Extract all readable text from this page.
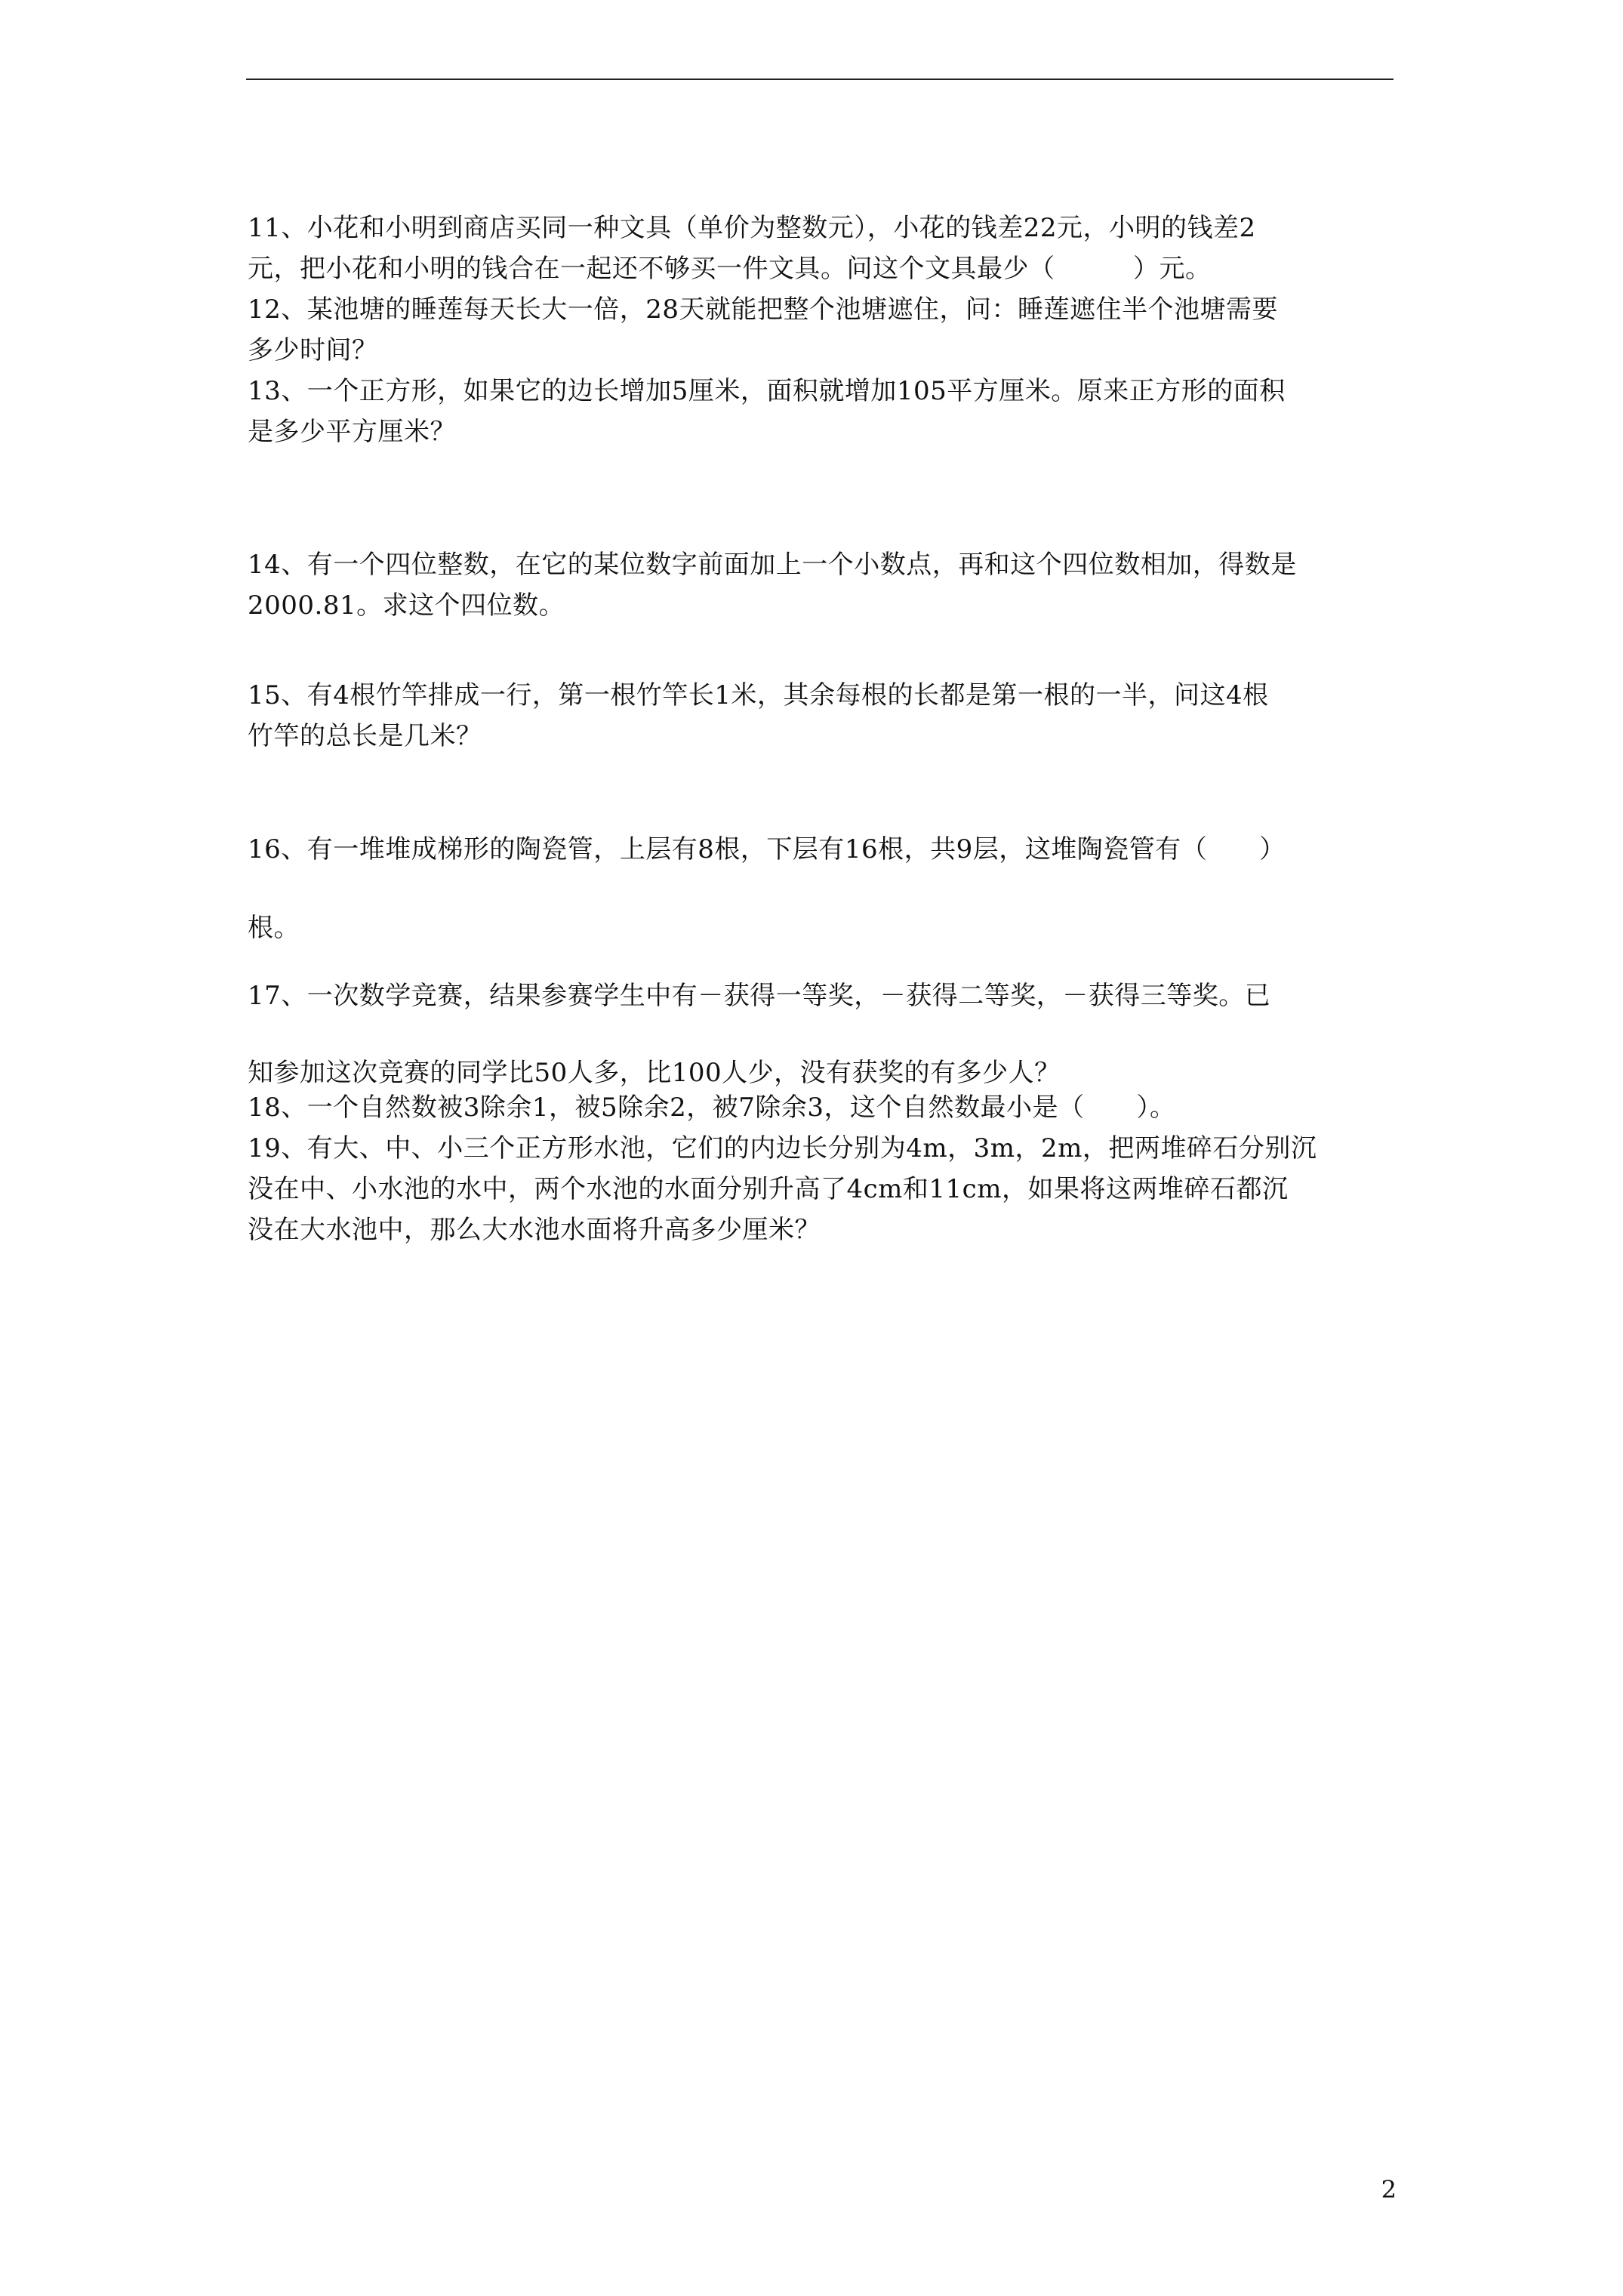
11、小花和小明到商店买同一种文具（单价为整数元），小花的钱差22元，小明的钱差2
元，把小花和小明的钱合在一起还不够买一件文具。问这个文具最少（　　　）元。

12、某池塘的睡莲每天长大一倍，28天就能把整个池塘遮住，问：睡莲遮住半个池塘需要
多少时间？

13、一个正方形，如果它的边长增加5厘米，面积就增加105平方厘米。原来正方形的面积
是多少平方厘米？

14、有一个四位整数，在它的某位数字前面加上一个小数点，再和这个四位数相加，得数是
2000.81。求这个四位数。

15、有4根竹竿排成一行，第一根竹竿长1米，其余每根的长都是第一根的一半，问这4根
竹竿的总长是几米？

16、有一堆堆成梯形的陶瓷管，上层有8根，下层有16根，共9层，这堆陶瓷管有（　　）
根。

17、一次数学竞赛，结果参赛学生中有－获得一等奖，－获得二等奖，－获得三等奖。已
知参加这次竞赛的同学比50人多，比100人少，没有获奖的有多少人？

18、一个自然数被3除余1，被5除余2，被7除余3，这个自然数最小是（　　）。

19、有大、中、小三个正方形水池，它们的内边长分别为4m，3m，2m，把两堆碎石分别沉
没在中、小水池的水中，两个水池的水面分别升高了4cm和11cm，如果将这两堆碎石都沉
没在大水池中，那么大水池水面将升高多少厘米？

2
